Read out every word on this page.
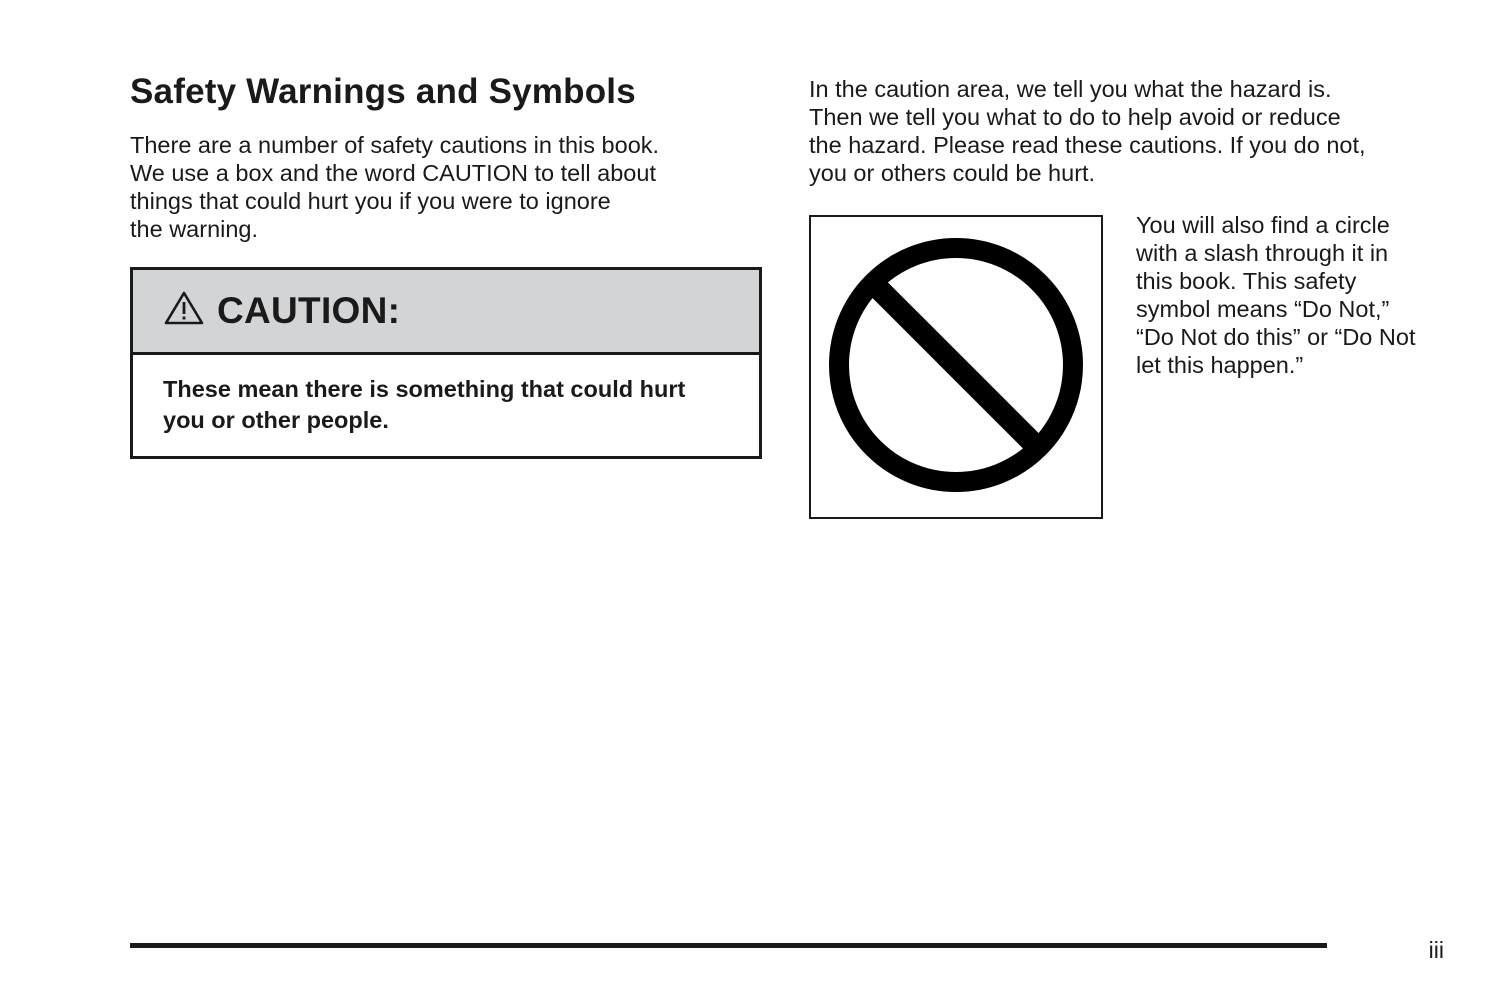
Safety Warnings and Symbols

There are a number of safety cautions in this book.
We use a box and the word CAUTION to tell about
things that could hurt you if you were to ignore
the warning.

CAUTION:
These mean there is something that could hurt
you or other people.

In the caution area, we tell you what the hazard is.
Then we tell you what to do to help avoid or reduce
the hazard. Please read these cautions. If you do not,
you or others could be hurt.

You will also find a circle
with a slash through it in
this book. This safety
symbol means “Do Not,”
“Do Not do this” or “Do Not
let this happen.”

iii
